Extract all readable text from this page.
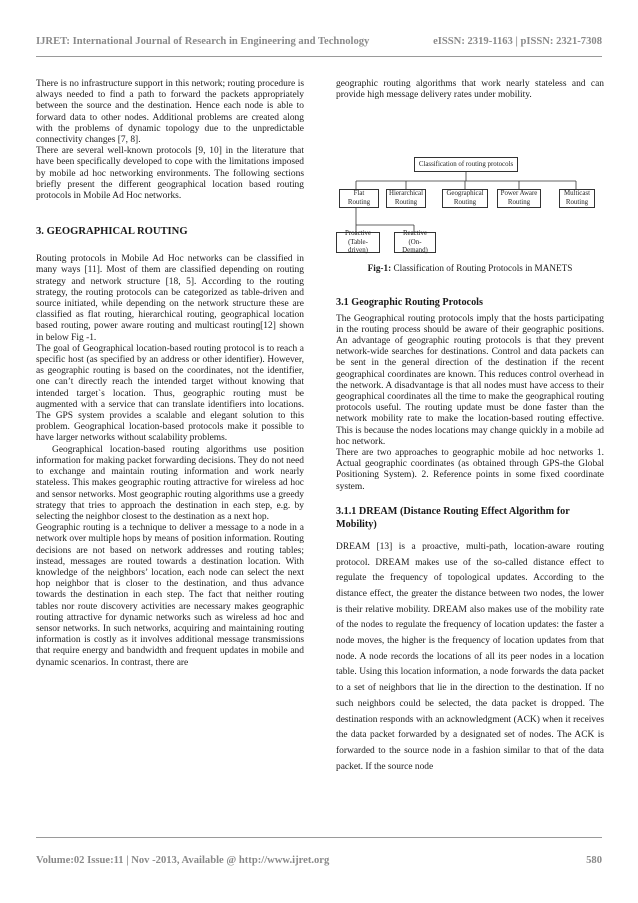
IJRET: International Journal of Research in Engineering and Technology	eISSN: 2319-1163 | pISSN: 2321-7308

There is no infrastructure support in this network; routing procedure is always needed to find a path to forward the packets appropriately between the source and the destination. Hence each node is able to forward data to other nodes. Additional problems are created along with the problems of dynamic topology due to the unpredictable connectivity changes [7, 8].

There are several well-known protocols [9, 10] in the literature that have been specifically developed to cope with the limitations imposed by mobile ad hoc networking environments. The following sections briefly present the different geographical location based routing protocols in Mobile Ad Hoc networks.

3. GEOGRAPHICAL ROUTING

Routing protocols in Mobile Ad Hoc networks can be classified in many ways [11]. Most of them are classified depending on routing strategy and network structure [18, 5]. According to the routing strategy, the routing protocols can be categorized as table-driven and source initiated, while depending on the network structure these are classified as flat routing, hierarchical routing, geographical location based routing, power aware routing and multicast routing[12] shown in below Fig -1.

The goal of Geographical location-based routing protocol is to reach a specific host (as specified by an address or other identifier). However, as geographic routing is based on the coordinates, not the identifier, one can’t directly reach the intended target without knowing that intended target`s location. Thus, geographic routing must be augmented with a service that can translate identifiers into locations. The GPS system provides a scalable and elegant solution to this problem. Geographical location-based protocols make it possible to have larger networks without scalability problems.

Geographical location-based routing algorithms use position information for making packet forwarding decisions. They do not need to exchange and maintain routing information and work nearly stateless. This makes geographic routing attractive for wireless ad hoc and sensor networks. Most geographic routing algorithms use a greedy strategy that tries to approach the destination in each step, e.g. by selecting the neighbor closest to the destination as a next hop.

Geographic routing is a technique to deliver a message to a node in a network over multiple hops by means of position information. Routing decisions are not based on network addresses and routing tables; instead, messages are routed towards a destination location. With knowledge of the neighbors’ location, each node can select the next hop neighbor that is closer to the destination, and thus advance towards the destination in each step. The fact that neither routing tables nor route discovery activities are necessary makes geographic routing attractive for dynamic networks such as wireless ad hoc and sensor networks. In such networks, acquiring and maintaining routing information is costly as it involves additional message transmissions that require energy and bandwidth and frequent updates in mobile and dynamic scenarios. In contrast, there are

geographic routing algorithms that work nearly stateless and can provide high message delivery rates under mobility.

Classification of routing protocols
Flat Routing
Hierarchical Routing
Geographical Routing
Power Aware Routing
Multicast Routing
Proactive (Table-driven)
Reactive (On-Demand)

Fig-1: Classification of Routing Protocols in MANETS

3.1 Geographic Routing Protocols

The Geographical routing protocols imply that the hosts participating in the routing process should be aware of their geographic positions. An advantage of geographic routing protocols is that they prevent network-wide searches for destinations. Control and data packets can be sent in the general direction of the destination if the recent geographical coordinates are known. This reduces control overhead in the network. A disadvantage is that all nodes must have access to their geographical coordinates all the time to make the geographical routing protocols useful. The routing update must be done faster than the network mobility rate to make the location-based routing effective. This is because the nodes locations may change quickly in a mobile ad hoc network.

There are two approaches to geographic mobile ad hoc networks 1. Actual geographic coordinates (as obtained through GPS-the Global Positioning System). 2. Reference points in some fixed coordinate system.

3.1.1 DREAM (Distance Routing Effect Algorithm for Mobility)

DREAM [13] is a proactive, multi-path, location-aware routing protocol. DREAM makes use of the so-called distance effect to regulate the frequency of topological updates. According to the distance effect, the greater the distance between two nodes, the lower is their relative mobility. DREAM also makes use of the mobility rate of the nodes to regulate the frequency of location updates: the faster a node moves, the higher is the frequency of location updates from that node. A node records the locations of all its peer nodes in a location table. Using this location information, a node forwards the data packet to a set of neighbors that lie in the direction to the destination. If no such neighbors could be selected, the data packet is dropped. The destination responds with an acknowledgment (ACK) when it receives the data packet forwarded by a designated set of nodes. The ACK is forwarded to the source node in a fashion similar to that of the data packet. If the source node

Volume:02 Issue:11 | Nov -2013, Available @ http://www.ijret.org	580
